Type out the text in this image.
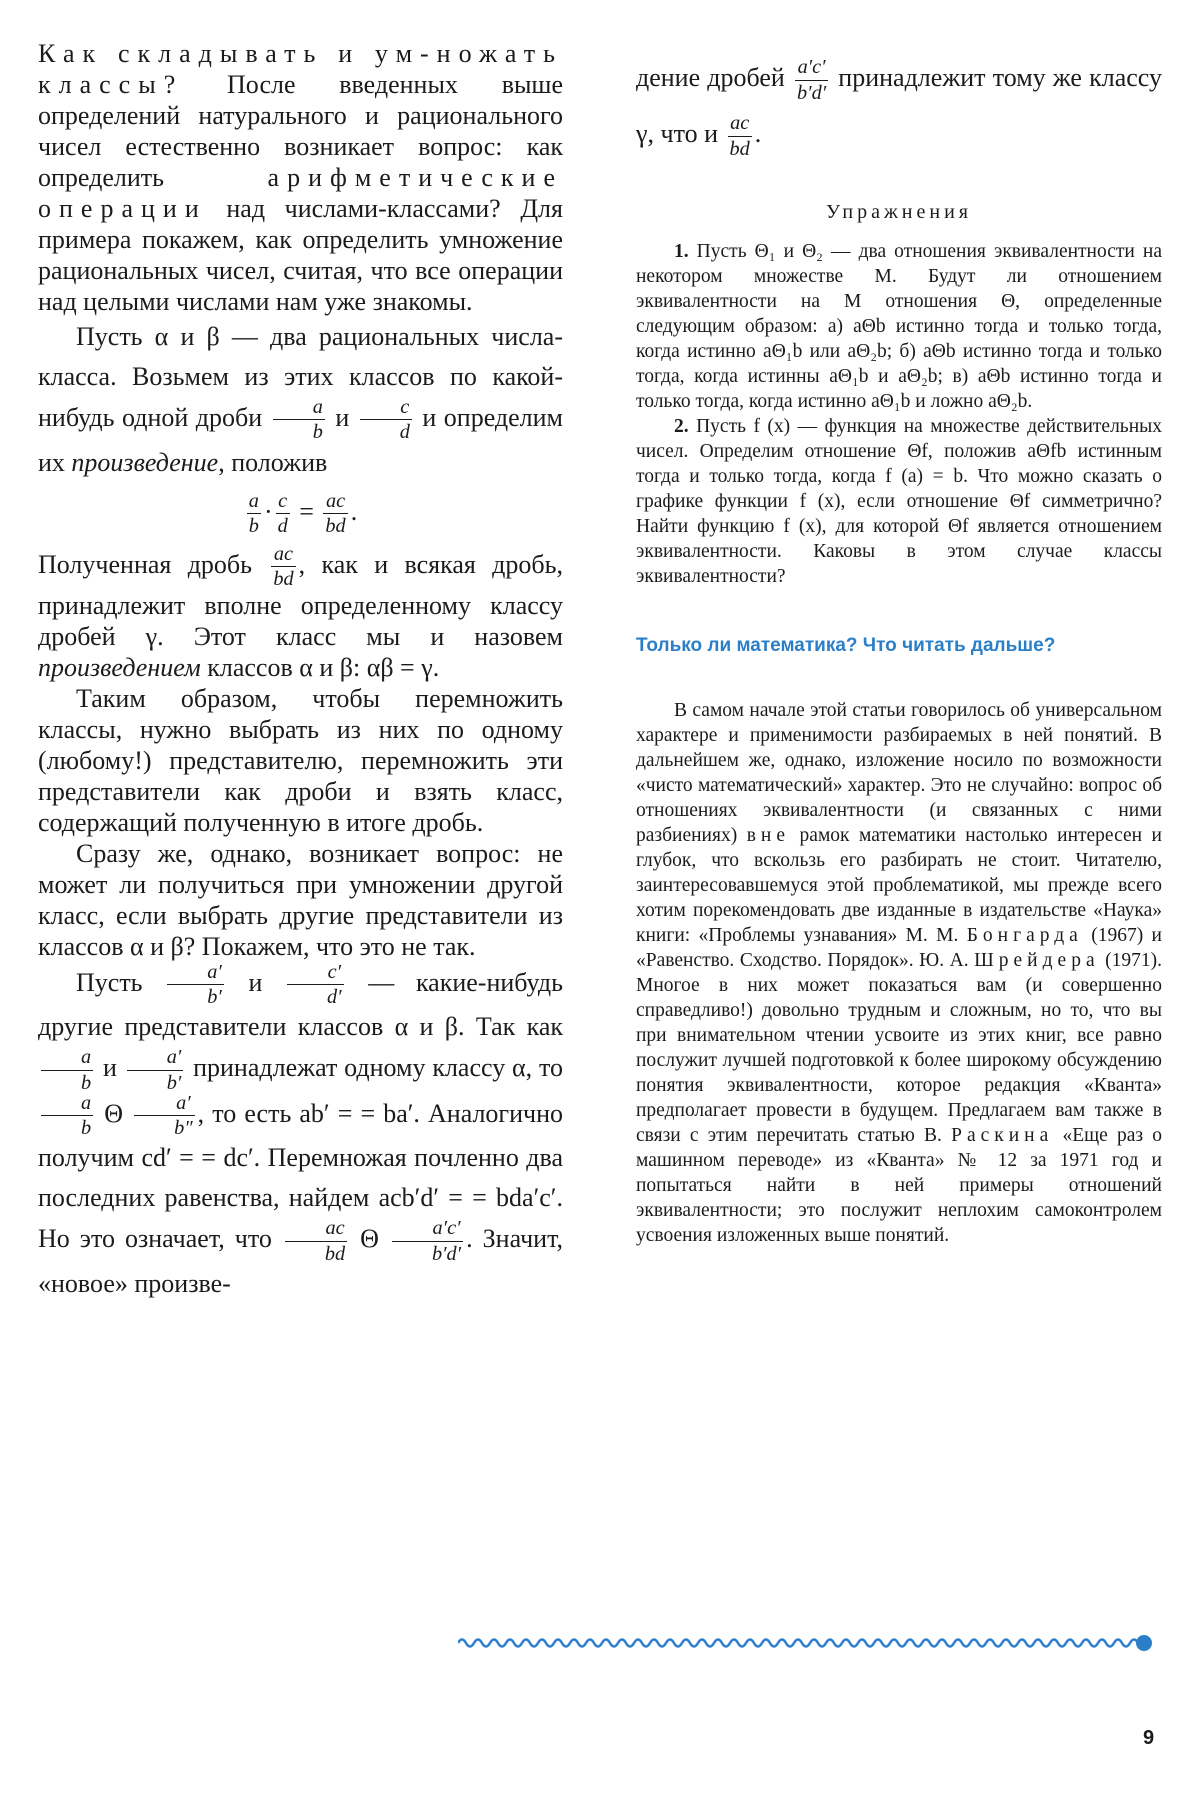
Как складывать и ум-ножать классы? После введенных выше определений натурального и рационального чисел естественно возникает вопрос: как определить арифметические операции над числами-классами? Для примера покажем, как определить умножение рациональных чисел, считая, что все операции над целыми числами нам уже знакомы.

Пусть α и β — два рациональных числа-класса. Возьмем из этих классов по какой-нибудь одной дроби $\frac{a}{b}$ и $\frac{c}{d}$ и определим их произведение, положив

$\frac{a}{b} \cdot \frac{c}{d} = \frac{ac}{bd}$ .

Полученная дробь $\frac{ac}{bd}$ , как и всякая дробь, принадлежит вполне определенному классу дробей γ. Этот класс мы и назовем произведением классов α и β: αβ = γ.

Таким образом, чтобы перемножить классы, нужно выбрать из них по одному (любому!) представителю, перемножить эти представители как дроби и взять класс, содержащий полученную в итоге дробь.

Сразу же, однако, возникает вопрос: не может ли получиться при умножении другой класс, если выбрать другие представители из классов α и β? Покажем, что это не так.

Пусть $\frac{a'}{b'}$ и $\frac{c'}{d'}$ — какие-нибудь другие представители классов α и β. Так как
$\frac{a}{b}$ и $\frac{a'}{b'}$ принадлежат одному классу α, то
$\frac{a}{b}$ Θ $\frac{a'}{b''}$ , то есть ab′ = = ba′. Аналогично получим cd′ = = dc′. Перемножая почленно два последних равенства, найдем acb′d′ = = bda′c′. Но это означает, что $\frac{ac}{bd}$ Θ $\frac{a'c'}{b'd'}$ . Значит, «новое» произве-

дение дробей $\frac{a'c'}{b'd'}$ принадлежит тому же классу γ, что и $\frac{ac}{bd}$ .
Упражнения

1. Пусть Θ₁ и Θ₂ — два отношения эквивалентности на некотором множестве M. Будут ли отношением эквивалентности на M отношения Θ, определенные следующим образом: а) aΘb истинно тогда и только тогда, когда истинно aΘ₁b или aΘ₂b; б) aΘb истинно тогда и только тогда, когда истинны aΘ₁b и aΘ₂b; в) aΘb истинно тогда и только тогда, когда истинно aΘ₁b и ложно aΘ₂b.

2. Пусть f (x) — функция на множестве действительных чисел. Определим отношение Θf, положив aΘfb истинным тогда и только тогда, когда f (a) = b. Что можно сказать о графике функции f (x), если отношение Θf симметрично? Найти функцию f (x), для которой Θf является отношением эквивалентности. Каковы в этом случае классы эквивалентности?

Только ли математика? Что читать дальше?

В самом начале этой статьи говорилось об универсальном характере и применимости разбираемых в ней понятий. В дальнейшем же, однако, изложение носило по возможности «чисто математический» характер. Это не случайно: вопрос об отношениях эквивалентности (и связанных с ними разбиениях) вне рамок математики настолько интересен и глубок, что вскользь его разбирать не стоит. Читателю, заинтересовавшемуся этой проблематикой, мы прежде всего хотим порекомендовать две изданные в издательстве «Наука» книги: «Проблемы узнавания» М. М. Бонгарда (1967) и «Равенство. Сходство. Порядок». Ю. А. Шрейдера (1971). Многое в них может показаться вам (и совершенно справедливо!) довольно трудным и сложным, но то, что вы при внимательном чтении усвоите из этих книг, все равно послужит лучшей подготовкой к более широкому обсуждению понятия эквивалентности, которое редакция «Кванта» предполагает провести в будущем. Предлагаем вам также в связи с этим перечитать статью В. Раскина «Еще раз о машинном переводе» из «Кванта» № 12 за 1971 год и попытаться найти в ней примеры отношений эквивалентности; это послужит неплохим самоконтролем усвоения изложенных выше понятий.

9
